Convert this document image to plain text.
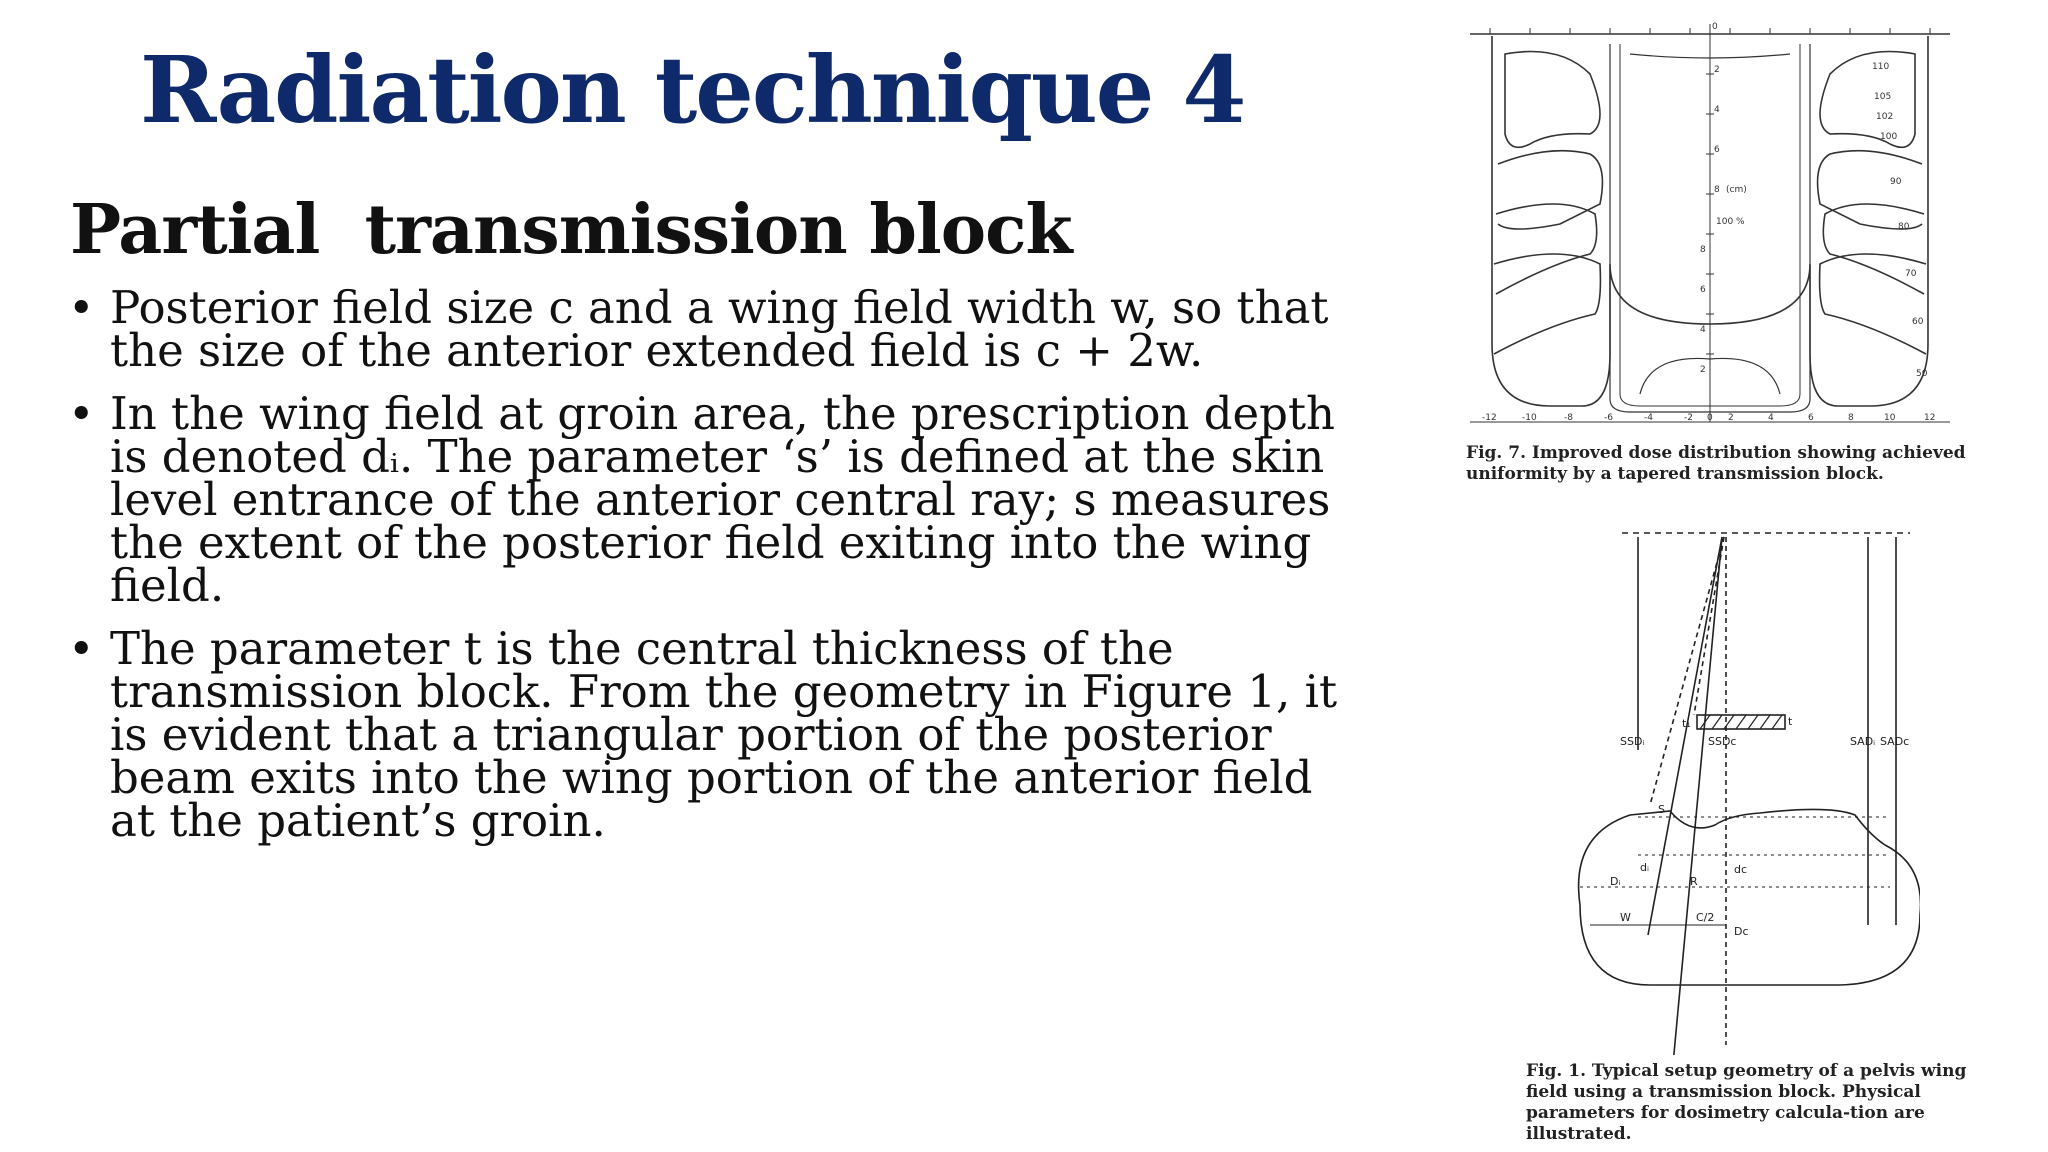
Radiation technique 4
Partial  transmission block
• Posterior field size c and a wing field width w, so that the size of the anterior extended field is c + 2w.
• In the wing field at groin area, the prescription depth is denoted dᵢ. The parameter ‘s’ is defined at the skin level entrance of the anterior central ray; s measures the extent of the posterior field exiting into the wing field.
• The parameter t is the central thickness of the transmission block. From the geometry in Figure 1, it is evident that a triangular portion of the posterior beam exits into the wing portion of the anterior field at the patient’s groin.
0
2
4
6
8 (cm)
100 %
8
6
4
2
-12	-10	-8	-6	-4	-2 0 2	4	6	8	10	12
110
105
102
100
90
80
70
60
50
Fig. 7. Improved dose distribution showing achieved uniformity by a tapered transmission block.
SSDᵢ	SSDc	SADᵢ SADc
t
t₁
S
dᵢ	dc
Dᵢ	R
W	C/2
Dc
Fig. 1. Typical setup geometry of a pelvis wing field using a transmission block. Physical parameters for dosimetry calcula-tion are illustrated.
